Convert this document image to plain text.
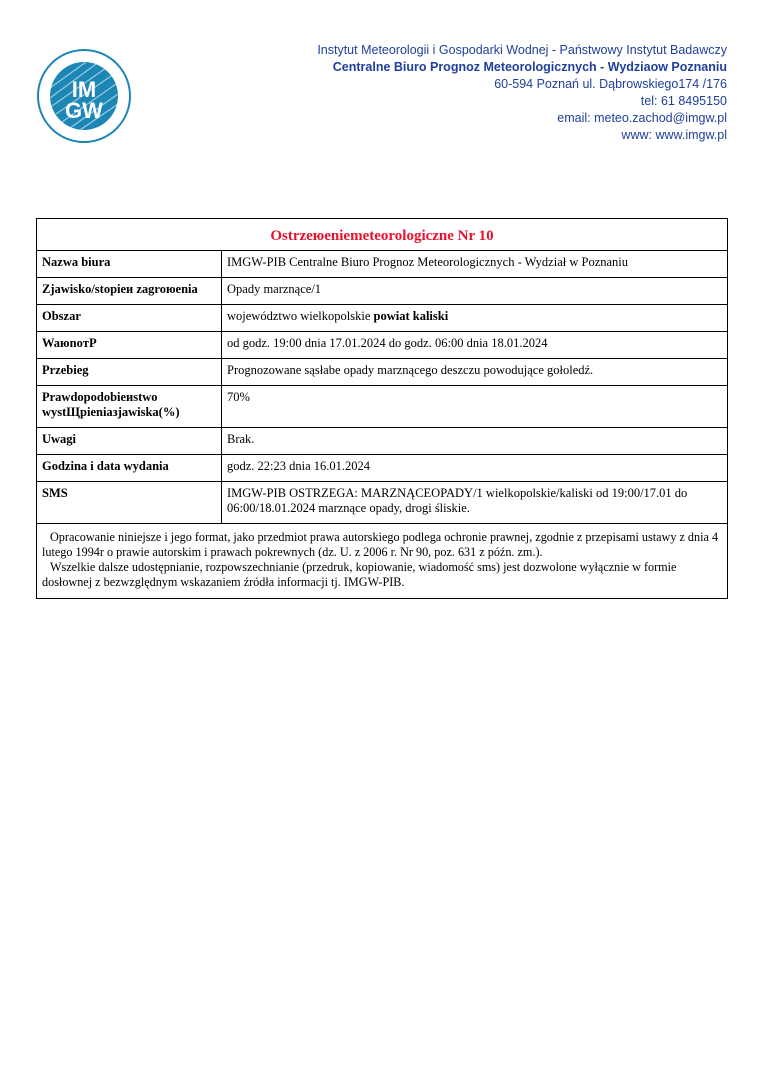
IM
GW
Instytut Meteorologii i Gospodarki Wodnej - Państwowy Instytut Badawczy
Centralne Biuro Prognoz Meteorologicznych - Wydziaow Poznaniu
60-594 Poznań ul. Dąbrowskiego174 /176
tel: 61 8495150
email: meteo.zachod@imgw.pl
www: www.imgw.pl
Ostrzeюeniemeteorologiczne Nr 10	
Nazwa biura	IMGW-PIB Centralne Biuro Prognoz Meteorologicznych - Wydział w Poznaniu
Zjawisko/stopieи zagroюenia	Opady marznące/1
Obszar	województwo wielkopolskie powiat kaliski
WaюnoтР	od godz. 19:00 dnia 17.01.2024 do godz. 06:00 dnia 18.01.2024
Przebieg	Prognozowane sąsłabe opady marznącego deszczu powodujące gołoledź.

Prawdopodobieиstwo
wystЩpieniaзjawiska(%)	70%
Uwagi	Brak.
Godzina i data wydania	godz. 22:23 dnia 16.01.2024
SMS	IMGW-PIB OSTRZEGA: MARZNĄCEOPADY/1 wielkopolskie/kaliski od 19:00/17.01 do 06:00/18.01.2024 marznące opady, drogi śliskie.

Opracowanie niniejsze i jego format, jako przedmiot prawa autorskiego podlega ochronie prawnej, zgodnie z przepisami ustawy z dnia 4 lutego 1994r o prawie autorskim i prawach pokrewnych (dz. U. z 2006 r. Nr 90, poz. 631 z późn. zm.).

Wszelkie dalsze udostępnianie, rozpowszechnianie (przedruk, kopiowanie, wiadomość sms) jest dozwolone wyłącznie w formie dosłownej z bezwzględnym wskazaniem źródła informacji tj. IMGW-PIB.	
